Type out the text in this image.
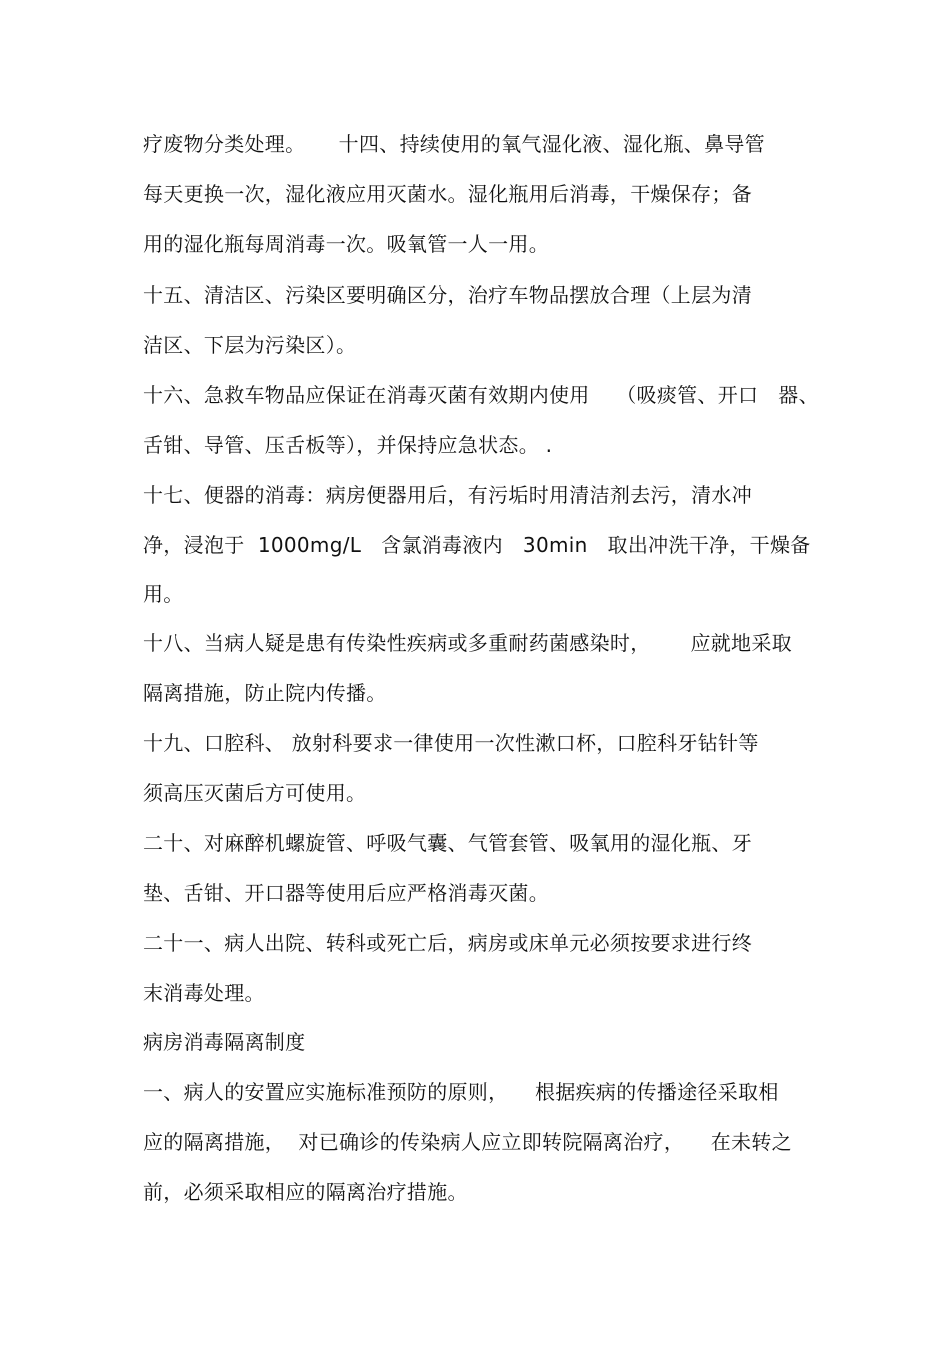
疗废物分类处理。     十四、持续使用的氧气湿化液、湿化瓶、鼻导管

每天更换一次，湿化液应用灭菌水。湿化瓶用后消毒，干燥保存；备

用的湿化瓶每周消毒一次。吸氧管一人一用。

十五、清洁区、污染区要明确区分，治疗车物品摆放合理（上层为清

洁区、下层为污染区）。

十六、急救车物品应保证在消毒灭菌有效期内使用    （吸痰管、开口   器、

舌钳、导管、压舌板等），并保持应急状态。 .

十七、便器的消毒：病房便器用后，有污垢时用清洁剂去污，清水冲

净，浸泡于  1000mg/L   含氯消毒液内   30min   取出冲洗干净，干燥备

用。

十八、当病人疑是患有传染性疾病或多重耐药菌感染时，      应就地采取

隔离措施，防止院内传播。

十九、口腔科、 放射科要求一律使用一次性漱口杯，口腔科牙钻针等

须高压灭菌后方可使用。

二十、对麻醉机螺旋管、呼吸气囊、气管套管、吸氧用的湿化瓶、牙

垫、舌钳、开口器等使用后应严格消毒灭菌。

二十一、病人出院、转科或死亡后，病房或床单元必须按要求进行终

末消毒处理。

病房消毒隔离制度

一、病人的安置应实施标准预防的原则，    根据疾病的传播途径采取相

应的隔离措施，  对已确诊的传染病人应立即转院隔离治疗，    在未转之

前，必须采取相应的隔离治疗措施。
